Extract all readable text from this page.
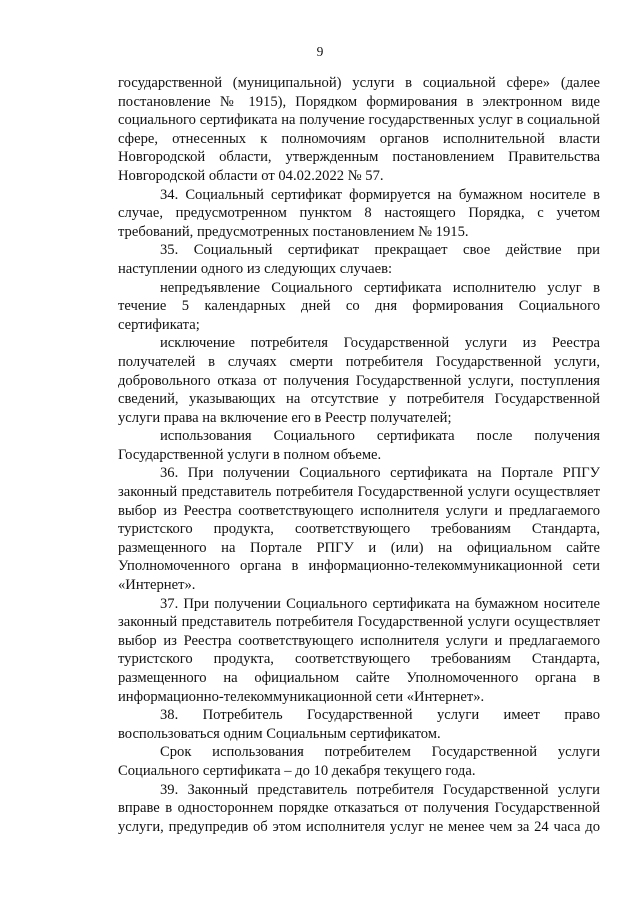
9

государственной (муниципальной) услуги в социальной сфере» (далее постановление № 1915), Порядком формирования в электронном виде социального сертификата на получение государственных услуг в социальной сфере, отнесенных к полномочиям органов исполнительной власти Новгородской области, утвержденным постановлением Правительства Новгородской области от 04.02.2022 № 57.

34. Социальный сертификат формируется на бумажном носителе в случае, предусмотренном пунктом 8 настоящего Порядка, с учетом требований, предусмотренных постановлением № 1915.

35. Социальный сертификат прекращает свое действие при наступлении одного из следующих случаев:

непредъявление Социального сертификата исполнителю услуг в течение 5 календарных дней со дня формирования Социального сертификата;

исключение потребителя Государственной услуги из Реестра получателей в случаях смерти потребителя Государственной услуги, добровольного отказа от получения Государственной услуги, поступления сведений, указывающих на отсутствие у потребителя Государственной услуги права на включение его в Реестр получателей;

использования Социального сертификата после получения Государственной услуги в полном объеме.

36. При получении Социального сертификата на Портале РПГУ законный представитель потребителя Государственной услуги осуществляет выбор из Реестра соответствующего исполнителя услуги и предлагаемого туристского продукта, соответствующего требованиям Стандарта, размещенного на Портале РПГУ и (или) на официальном сайте Уполномоченного органа в информационно-телекоммуникационной сети «Интернет».

37. При получении Социального сертификата на бумажном носителе законный представитель потребителя Государственной услуги осуществляет выбор из Реестра соответствующего исполнителя услуги и предлагаемого туристского продукта, соответствующего требованиям Стандарта, размещенного на официальном сайте Уполномоченного органа в информационно-телекоммуникационной сети «Интернет».

38. Потребитель Государственной услуги имеет право воспользоваться одним Социальным сертификатом.

Срок использования потребителем Государственной услуги Социального сертификата – до 10 декабря текущего года.

39. Законный представитель потребителя Государственной услуги вправе в одностороннем порядке отказаться от получения Государственной услуги, предупредив об этом исполнителя услуг не менее чем за 24 часа до
